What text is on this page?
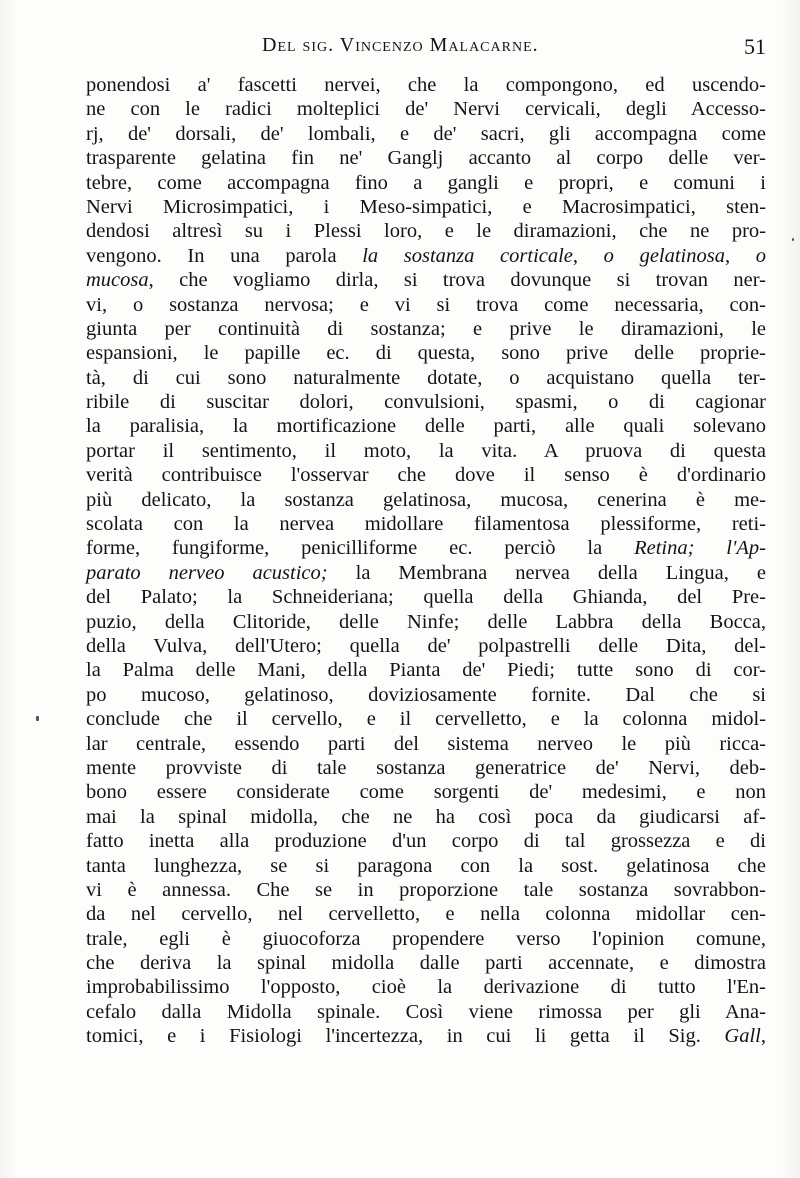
Del sig. Vincenzo Malacarne.	51
ponendosi a' fascetti nervei, che la compongono, ed uscendo-
ne con le radici molteplici de' Nervi cervicali, degli Accesso-
rj, de' dorsali, de' lombali, e de' sacri, gli accompagna come
trasparente gelatina fin ne' Ganglj accanto al corpo delle ver-
tebre, come accompagna fino a gangli e propri, e comuni i
Nervi Microsimpatici, i Meso-simpatici, e Macrosimpatici, sten-
dendosi altresì su i Plessi loro, e le diramazioni, che ne pro-
vengono. In una parola la sostanza corticale, o gelatinosa, o
mucosa, che vogliamo dirla, si trova dovunque si trovan ner-
vi, o sostanza nervosa; e vi si trova come necessaria, con-
giunta per continuità di sostanza; e prive le diramazioni, le
espansioni, le papille ec. di questa, sono prive delle proprie-
tà, di cui sono naturalmente dotate, o acquistano quella ter-
ribile di suscitar dolori, convulsioni, spasmi, o di cagionar
la paralisia, la mortificazione delle parti, alle quali solevano
portar il sentimento, il moto, la vita. A pruova di questa
verità contribuisce l'osservar che dove il senso è d'ordinario
più delicato, la sostanza gelatinosa, mucosa, cenerina è me-
scolata con la nervea midollare filamentosa plessiforme, reti-
forme, fungiforme, penicilliforme ec. perciò la Retina; l'Ap-
parato nerveo acustico; la Membrana nervea della Lingua, e
del Palato; la Schneideriana; quella della Ghianda, del Pre-
puzio, della Clitoride, delle Ninfe; delle Labbra della Bocca,
della Vulva, dell'Utero; quella de' polpastrelli delle Dita, del-
la Palma delle Mani, della Pianta de' Piedi; tutte sono di cor-
po mucoso, gelatinoso, doviziosamente fornite. Dal che si
conclude che il cervello, e il cervelletto, e la colonna midol-
lar centrale, essendo parti del sistema nerveo le più ricca-
mente provviste di tale sostanza generatrice de' Nervi, deb-
bono essere considerate come sorgenti de' medesimi, e non
mai la spinal midolla, che ne ha così poca da giudicarsi af-
fatto inetta alla produzione d'un corpo di tal grossezza e di
tanta lunghezza, se si paragona con la sost. gelatinosa che
vi è annessa. Che se in proporzione tale sostanza sovrabbon-
da nel cervello, nel cervelletto, e nella colonna midollar cen-
trale, egli è giuocoforza propendere verso l'opinion comune,
che deriva la spinal midolla dalle parti accennate, e dimostra
improbabilissimo l'opposto, cioè la derivazione di tutto l'En-
cefalo dalla Midolla spinale. Così viene rimossa per gli Ana-
tomici, e i Fisiologi l'incertezza, in cui li getta il Sig. Gall,
